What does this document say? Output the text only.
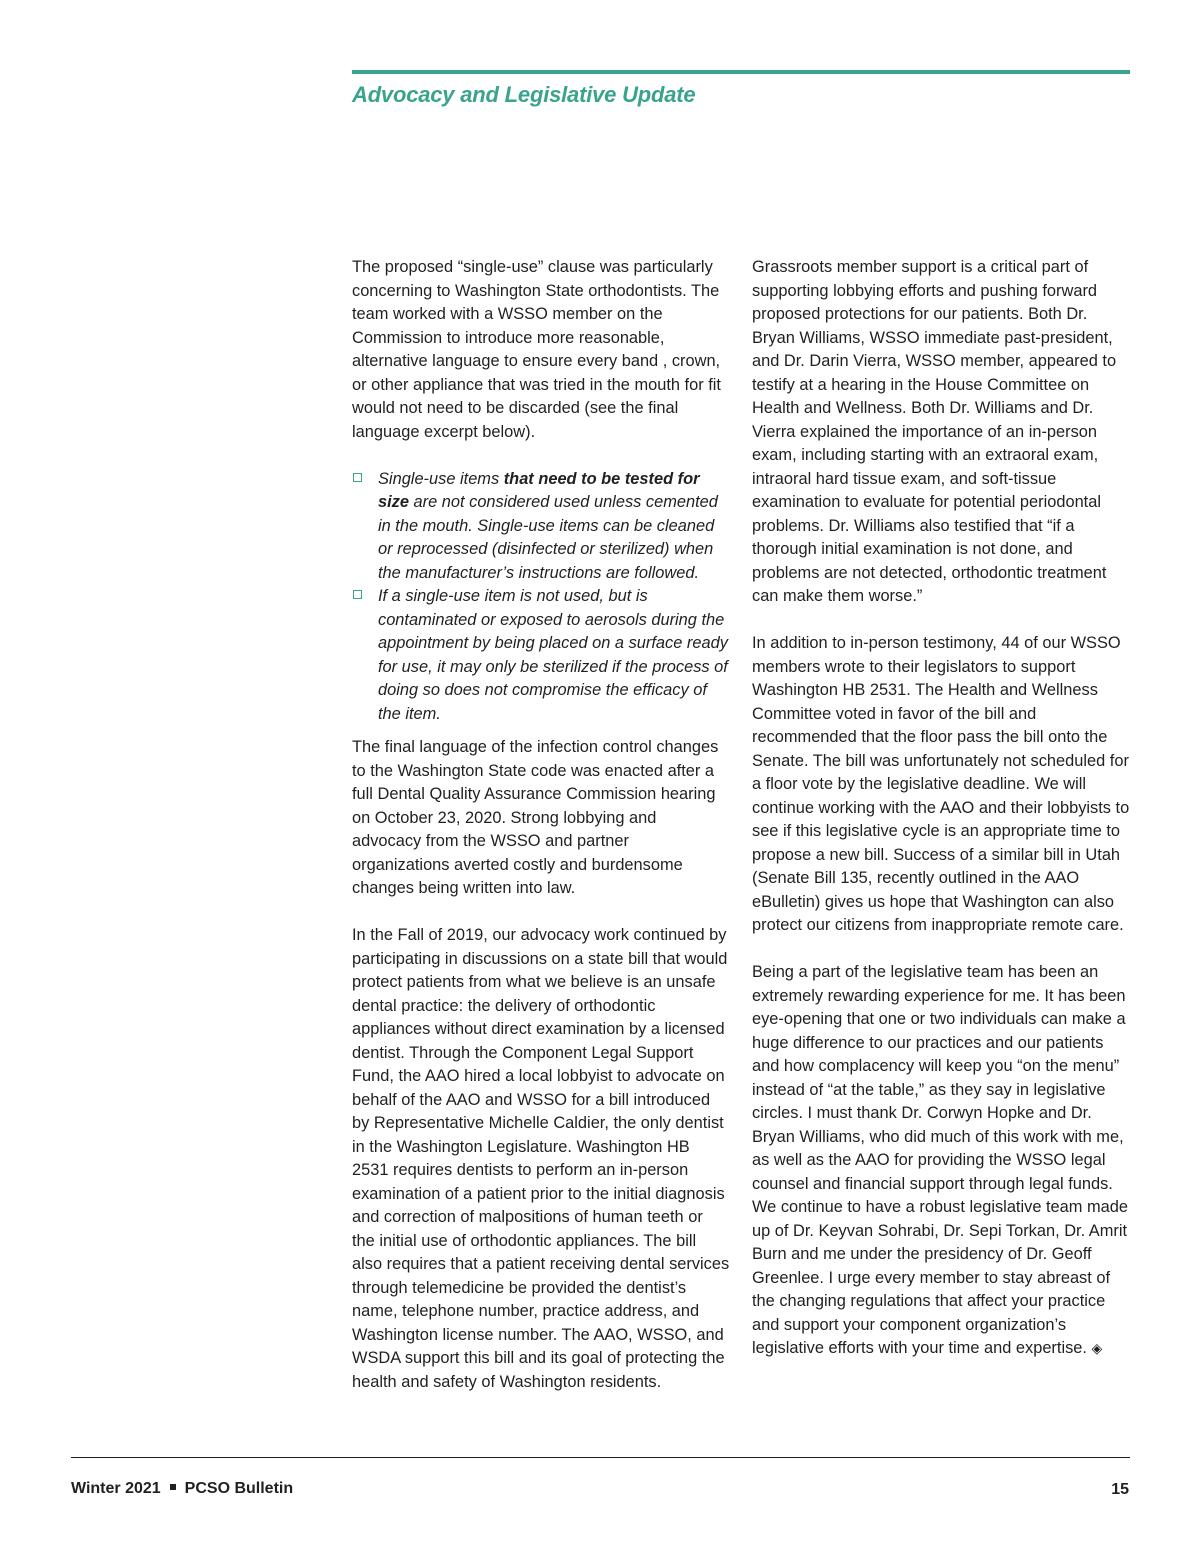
Advocacy and Legislative Update

The proposed “single-use” clause was particularly concerning to Washington State orthodontists. The team worked with a WSSO member on the Commission to introduce more reasonable, alternative language to ensure every band , crown, or other appliance that was tried in the mouth for fit would not need to be discarded (see the final language excerpt below).

Single-use items that need to be tested for size are not considered used unless cemented in the mouth. Single-use items can be cleaned or reprocessed (disinfected or sterilized) when the manufacturer’s instructions are followed.
If a single-use item is not used, but is contaminated or exposed to aerosols during the appointment by being placed on a surface ready for use, it may only be sterilized if the process of doing so does not compromise the efficacy of the item.

The final language of the infection control changes to the Washington State code was enacted after a full Dental Quality Assurance Commission hearing on October 23, 2020. Strong lobbying and advocacy from the WSSO and partner organizations averted costly and burdensome changes being written into law.

In the Fall of 2019, our advocacy work continued by participating in discussions on a state bill that would protect patients from what we believe is an unsafe dental practice: the delivery of orthodontic appliances without direct examination by a licensed dentist. Through the Component Legal Support Fund, the AAO hired a local lobbyist to advocate on behalf of the AAO and WSSO for a bill introduced by Representative Michelle Caldier, the only dentist in the Washington Legislature. Washington HB 2531 requires dentists to perform an in-person examination of a patient prior to the initial diagnosis and correction of malpositions of human teeth or the initial use of orthodontic appliances. The bill also requires that a patient receiving dental services through telemedicine be provided the dentist’s name, telephone number, practice address, and Washington license number. The AAO, WSSO, and WSDA support this bill and its goal of protecting the health and safety of Washington residents.

Grassroots member support is a critical part of supporting lobbying efforts and pushing forward proposed protections for our patients. Both Dr. Bryan Williams, WSSO immediate past-president, and Dr. Darin Vierra, WSSO member, appeared to testify at a hearing in the House Committee on Health and Wellness. Both Dr. Williams and Dr. Vierra explained the importance of an in-person exam, including starting with an extraoral exam, intraoral hard tissue exam, and soft-tissue examination to evaluate for potential periodontal problems. Dr. Williams also testified that “if a thorough initial examination is not done, and problems are not detected, orthodontic treatment can make them worse.”

In addition to in-person testimony, 44 of our WSSO members wrote to their legislators to support Washington HB 2531. The Health and Wellness Committee voted in favor of the bill and recommended that the floor pass the bill onto the Senate. The bill was unfortunately not scheduled for a floor vote by the legislative deadline. We will continue working with the AAO and their lobbyists to see if this legislative cycle is an appropriate time to propose a new bill. Success of a similar bill in Utah (Senate Bill 135, recently outlined in the AAO eBulletin) gives us hope that Washington can also protect our citizens from inappropriate remote care.

Being a part of the legislative team has been an extremely rewarding experience for me. It has been eye-opening that one or two individuals can make a huge difference to our practices and our patients and how complacency will keep you “on the menu” instead of “at the table,” as they say in legislative circles. I must thank Dr. Corwyn Hopke and Dr. Bryan Williams, who did much of this work with me, as well as the AAO for providing the WSSO legal counsel and financial support through legal funds. We continue to have a robust legislative team made up of Dr. Keyvan Sohrabi, Dr. Sepi Torkan, Dr. Amrit Burn and me under the presidency of Dr. Geoff Greenlee. I urge every member to stay abreast of the changing regulations that affect your practice and support your component organization’s legislative efforts with your time and expertise. ◈

Winter 2021 PCSO Bulletin	15
